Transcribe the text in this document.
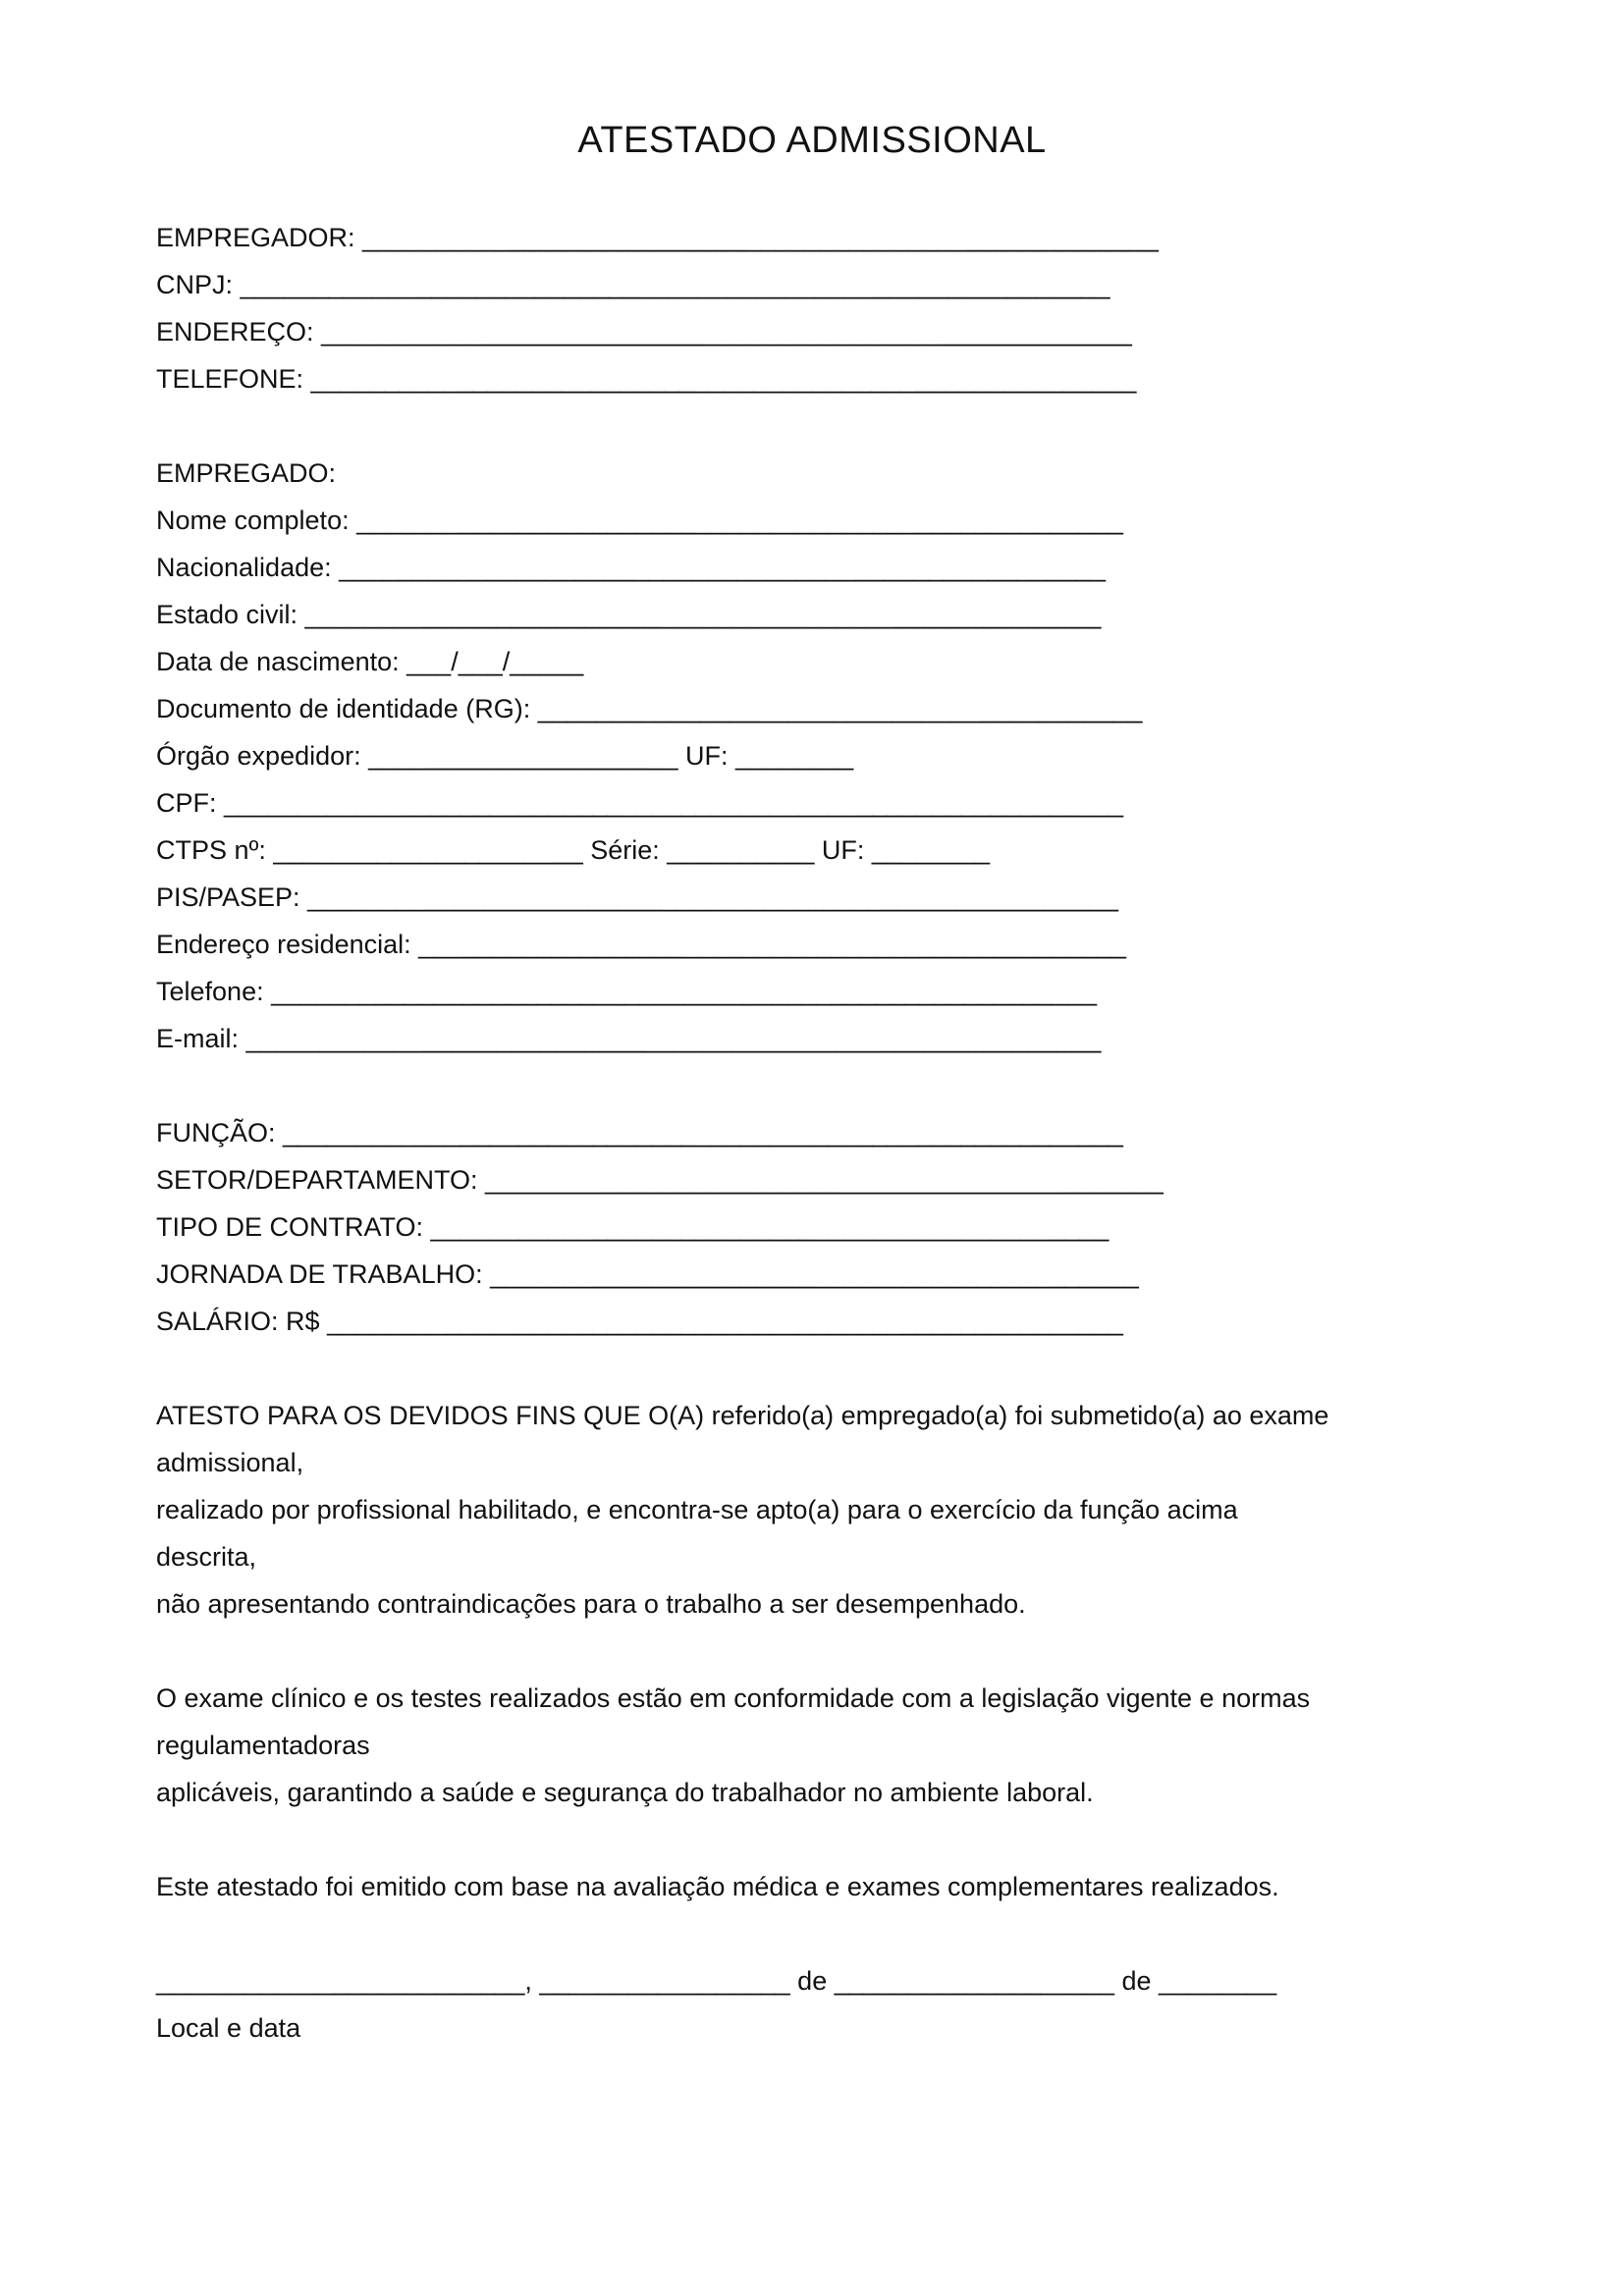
ATESTADO ADMISSIONAL
EMPREGADOR: ______________________________________________________
CNPJ: ___________________________________________________________
ENDEREÇO: _______________________________________________________
TELEFONE: ________________________________________________________
EMPREGADO:
Nome completo: ____________________________________________________
Nacionalidade: ____________________________________________________
Estado civil: ______________________________________________________
Data de nascimento: ___/___/_____
Documento de identidade (RG): _________________________________________
Órgão expedidor: _____________________ UF: ________
CPF: _____________________________________________________________
CTPS nº: _____________________ Série: __________ UF: ________
PIS/PASEP: _______________________________________________________
Endereço residencial: ________________________________________________
Telefone: ________________________________________________________
E-mail: __________________________________________________________
FUNÇÃO: _________________________________________________________
SETOR/DEPARTAMENTO: ______________________________________________
TIPO DE CONTRATO: ______________________________________________
JORNADA DE TRABALHO: ____________________________________________
SALÁRIO: R$ ______________________________________________________
ATESTO PARA OS DEVIDOS FINS QUE O(A) referido(a) empregado(a) foi submetido(a) ao exame
admissional,
realizado por profissional habilitado, e encontra-se apto(a) para o exercício da função acima
descrita,
não apresentando contraindicações para o trabalho a ser desempenhado.
O exame clínico e os testes realizados estão em conformidade com a legislação vigente e normas
regulamentadoras
aplicáveis, garantindo a saúde e segurança do trabalhador no ambiente laboral.
Este atestado foi emitido com base na avaliação médica e exames complementares realizados.
_________________________, _________________ de ___________________ de ________
Local e data
